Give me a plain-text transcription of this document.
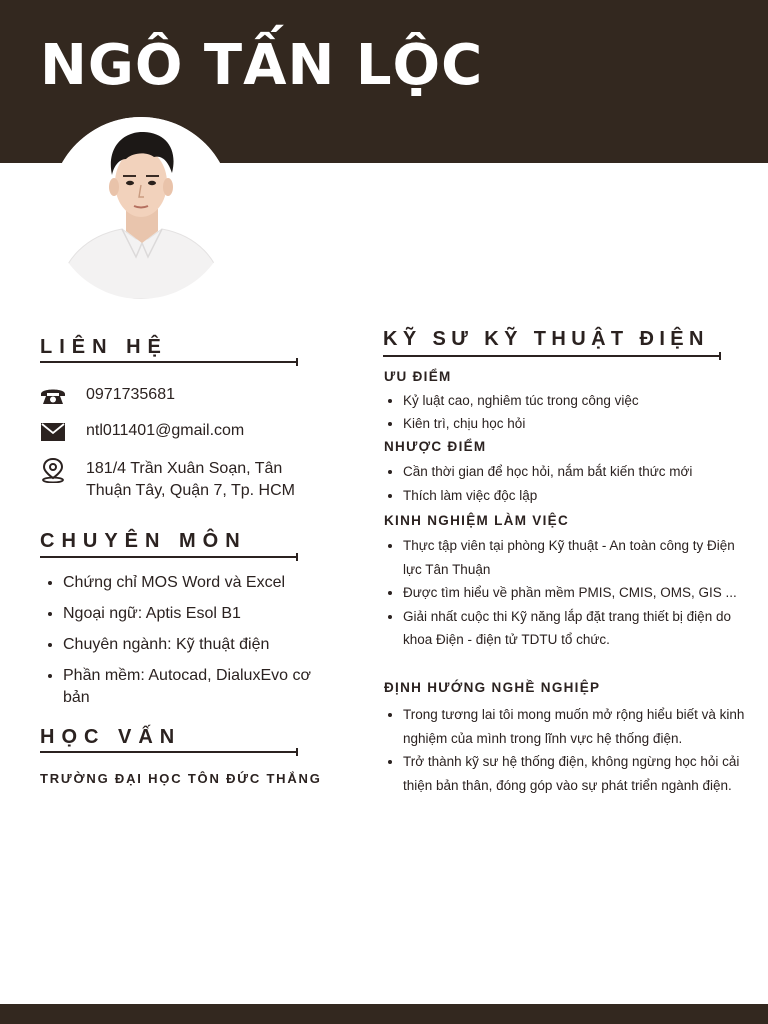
NGÔ TẤN LỘC
LIÊN HỆ
0971735681
ntl011401@gmail.com
181/4 Trần Xuân Soạn, Tân Thuận Tây, Quận 7, Tp. HCM
CHUYÊN MÔN
• Chứng chỉ MOS Word và Excel
• Ngoại ngữ: Aptis Esol B1
• Chuyên ngành: Kỹ thuật điện
• Phần mềm: Autocad, DialuxEvo cơ bản
HỌC VẤN

TRƯỜNG ĐẠI HỌC TÔN ĐỨC THẮNG

KỸ SƯ KỸ THUẬT ĐIỆN
ƯU ĐIỂM
• Kỷ luật cao, nghiêm túc trong công việc
• Kiên trì, chịu học hỏi
NHƯỢC ĐIỂM
• Cần thời gian để học hỏi, nắm bắt kiến thức mới
• Thích làm việc độc lập
KINH NGHIỆM LÀM VIỆC
• Thực tập viên tại phòng Kỹ thuật - An toàn công ty Điện lực Tân Thuận
• Được tìm hiểu về phần mềm PMIS, CMIS, OMS, GIS ...
• Giải nhất cuộc thi Kỹ năng lắp đặt trang thiết bị điện do khoa Điện - điện tử TDTU tổ chức.
ĐỊNH HƯỚNG NGHỀ NGHIỆP
• Trong tương lai tôi mong muốn mở rộng hiểu biết và kinh nghiệm của mình trong lĩnh vực hệ thống điện.
• Trở thành kỹ sư hệ thống điện, không ngừng học hỏi cải thiện bản thân, đóng góp vào sự phát triển ngành điện.
